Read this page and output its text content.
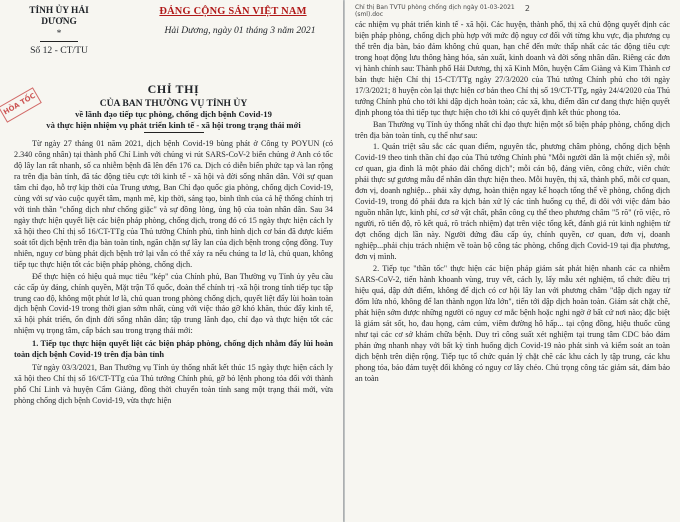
TỈNH ỦY HẢI DƯƠNG
*
Số 12 - CT/TU
ĐẢNG CỘNG SẢN VIỆT NAM
Hải Dương, ngày 01 tháng 3 năm 2021
HỎA TỐC
CHỈ THỊ
CỦA BAN THƯỜNG VỤ TỈNH ỦY
về lãnh đạo tiếp tục phòng, chống dịch bệnh Covid-19
và thực hiện nhiệm vụ phát triển kinh tế - xã hội trong trạng thái mới

Từ ngày 27 tháng 01 năm 2021, dịch bệnh Covid-19 bùng phát ở Công ty POYUN (có 2.340 công nhân) tại thành phố Chí Linh với chủng vi rút SARS-CoV-2 biến chủng ở Anh có tốc độ lây lan rất nhanh, số ca nhiễm bệnh đã lên đến 176 ca. Dịch có diễn biến phức tạp và lan rộng ra trên địa bàn tỉnh, đã tác động tiêu cực tới kinh tế - xã hội và đời sống nhân dân. Với sự quan tâm chỉ đạo, hỗ trợ kịp thời của Trung ương, Ban Chỉ đạo quốc gia phòng, chống dịch Covid-19, cùng với sự vào cuộc quyết tâm, mạnh mẽ, kịp thời, sáng tạo, bình tĩnh của cả hệ thống chính trị với tinh thần "chống dịch như chống giặc" và sự đồng lòng, ủng hộ của toàn nhân dân. Sau 34 ngày thực hiện quyết liệt các biện pháp phòng, chống dịch, trong đó có 15 ngày thực hiện cách ly xã hội theo Chỉ thị số 16/CT-TTg của Thủ tướng Chính phủ, tình hình dịch cơ bản đã được kiểm soát tốt dịch bệnh trên địa bàn toàn tỉnh, ngăn chặn sự lây lan của dịch bệnh trong cộng đồng. Tuy nhiên, nguy cơ bùng phát dịch bệnh trở lại vẫn có thể xảy ra nếu chúng ta lơ là, chủ quan, không tiếp tục thực hiện tốt các biện pháp phòng, chống dịch.

Để thực hiện có hiệu quả mục tiêu "kép" của Chính phủ, Ban Thường vụ Tỉnh ủy yêu cầu các cấp ủy đảng, chính quyền, Mặt trận Tổ quốc, đoàn thể chính trị -xã hội trong tỉnh tiếp tục tập trung cao độ, không một phút lơ là, chủ quan trong phòng chống dịch, quyết liệt đẩy lùi hoàn toàn dịch bệnh Covid-19 trong thời gian sớm nhất, cùng với việc tháo gỡ khó khăn, thúc đẩy kinh tế, xã hội phát triển, ổn định đời sống nhân dân; tập trung lãnh đạo, chỉ đạo và thực hiện tốt các nhiệm vụ trọng tâm, cấp bách sau trong trạng thái mới:

1. Tiếp tục thực hiện quyết liệt các biện pháp phòng, chống dịch nhằm đẩy lùi hoàn toàn dịch bệnh Covid-19 trên địa bàn tỉnh

Từ ngày 03/3/2021, Ban Thường vụ Tỉnh ủy thống nhất kết thúc 15 ngày thực hiện cách ly xã hội theo Chỉ thị số 16/CT-TTg của Thủ tướng Chính phủ, gỡ bỏ lệnh phong tỏa đối với thành phố Chí Linh và huyện Cẩm Giàng, đồng thời chuyển toàn tỉnh sang một trạng thái mới, vừa phòng chống dịch bệnh Covid-19, vừa thực hiện

Chỉ thị Ban TVTU phòng chống dịch ngày 01-03-2021 (sml).doc
2

các nhiệm vụ phát triển kinh tế - xã hội. Các huyện, thành phố, thị xã chủ động quyết định các biện pháp phòng, chống dịch phù hợp với mức độ nguy cơ đối với từng khu vực, địa phương cụ thể trên địa bàn, bảo đảm không chủ quan, hạn chế đến mức thấp nhất các tác động tiêu cực trong hoạt động lưu thông hàng hóa, sản xuất, kinh doanh và đời sống nhân dân. Riêng các đơn vị hành chính sau: Thành phố Hải Dương, thị xã Kinh Môn, huyện Cẩm Giàng và Kim Thành cơ bản thực hiện Chỉ thị 15-CT/TTg ngày 27/3/2020 của Thủ tướng Chính phủ cho tới ngày 17/3/2021; 8 huyện còn lại thực hiện cơ bản theo Chỉ thị số 19/CT-TTg, ngày 24/4/2020 của Thủ tướng Chính phủ cho tới khi dập dịch hoàn toàn; các xã, khu, điểm dân cư đang thực hiện quyết định phong tỏa thì tiếp tục thực hiện cho tới khi có quyết định kết thúc phong tỏa.

Ban Thường vụ Tỉnh ủy thống nhất chỉ đạo thực hiện một số biện pháp phòng, chống dịch trên địa bàn toàn tỉnh, cụ thể như sau:

1. Quán triệt sâu sắc các quan điểm, nguyên tắc, phương châm phòng, chống dịch bệnh Covid-19 theo tinh thần chỉ đạo của Thủ tướng Chính phủ "Mỗi người dân là một chiến sỹ, mỗi cơ quan, gia đình là một pháo đài chống dịch"; mỗi cán bộ, đảng viên, công chức, viên chức phải thực sự gương mẫu để nhân dân thực hiện theo. Mỗi huyện, thị xã, thành phố, mỗi cơ quan, đơn vị, doanh nghiệp... phải xây dựng, hoàn thiện ngay kế hoạch tổng thể về phòng, chống dịch Covid-19, trong đó phải đưa ra kịch bản xử lý các tình huống cụ thể, đi đôi với việc đảm bảo nguồn nhân lực, kinh phí, cơ sở vật chất, phân công cụ thể theo phương châm "5 rõ" (rõ việc, rõ người, rõ tiến độ, rõ kết quả, rõ trách nhiệm) đạt trên việc tổng kết, đánh giá rút kinh nghiệm từ đợt chống dịch lần này. Người đứng đầu cấp ủy, chính quyền, cơ quan, đơn vị, doanh nghiệp...phải chịu trách nhiệm về toàn bộ công tác phòng, chống dịch Covid-19 tại địa phương, đơn vị mình.

2. Tiếp tục "thần tốc" thực hiện các biện pháp giám sát phát hiện nhanh các ca nhiễm SARS-CoV-2, tiến hành khoanh vùng, truy vết, cách ly, lấy mẫu xét nghiệm, tổ chức điều trị hiệu quả, dập dứt điểm, không để dịch có cơ hội lây lan với phương châm "dập dịch ngay từ đốm lửa nhỏ, không để lan thành ngọn lửa lớn", tiến tới dập dịch hoàn toàn. Giám sát chặt chẽ, phát hiện sớm được những người có nguy cơ mắc bệnh hoặc nghi ngờ ở bất cứ nơi nào; đặc biệt là giám sát sốt, ho, đau họng, cảm cúm, viêm đường hô hấp... tại cộng đồng, hiệu thuốc cũng như tại các cơ sở khám chữa bệnh. Duy trì công suất xét nghiệm tại trung tâm CDC bảo đảm phản ứng nhanh nhạy với bất kỳ tình huống dịch Covid-19 nào phát sinh và kiểm soát an toàn dịch bệnh trên diện rộng. Tiếp tục tổ chức quản lý chặt chẽ các khu cách ly tập trung, các khu phong tỏa, bảo đảm tuyệt đối không có nguy cơ lây chéo. Chủ trọng công tác giám sát, đảm bảo an toàn
